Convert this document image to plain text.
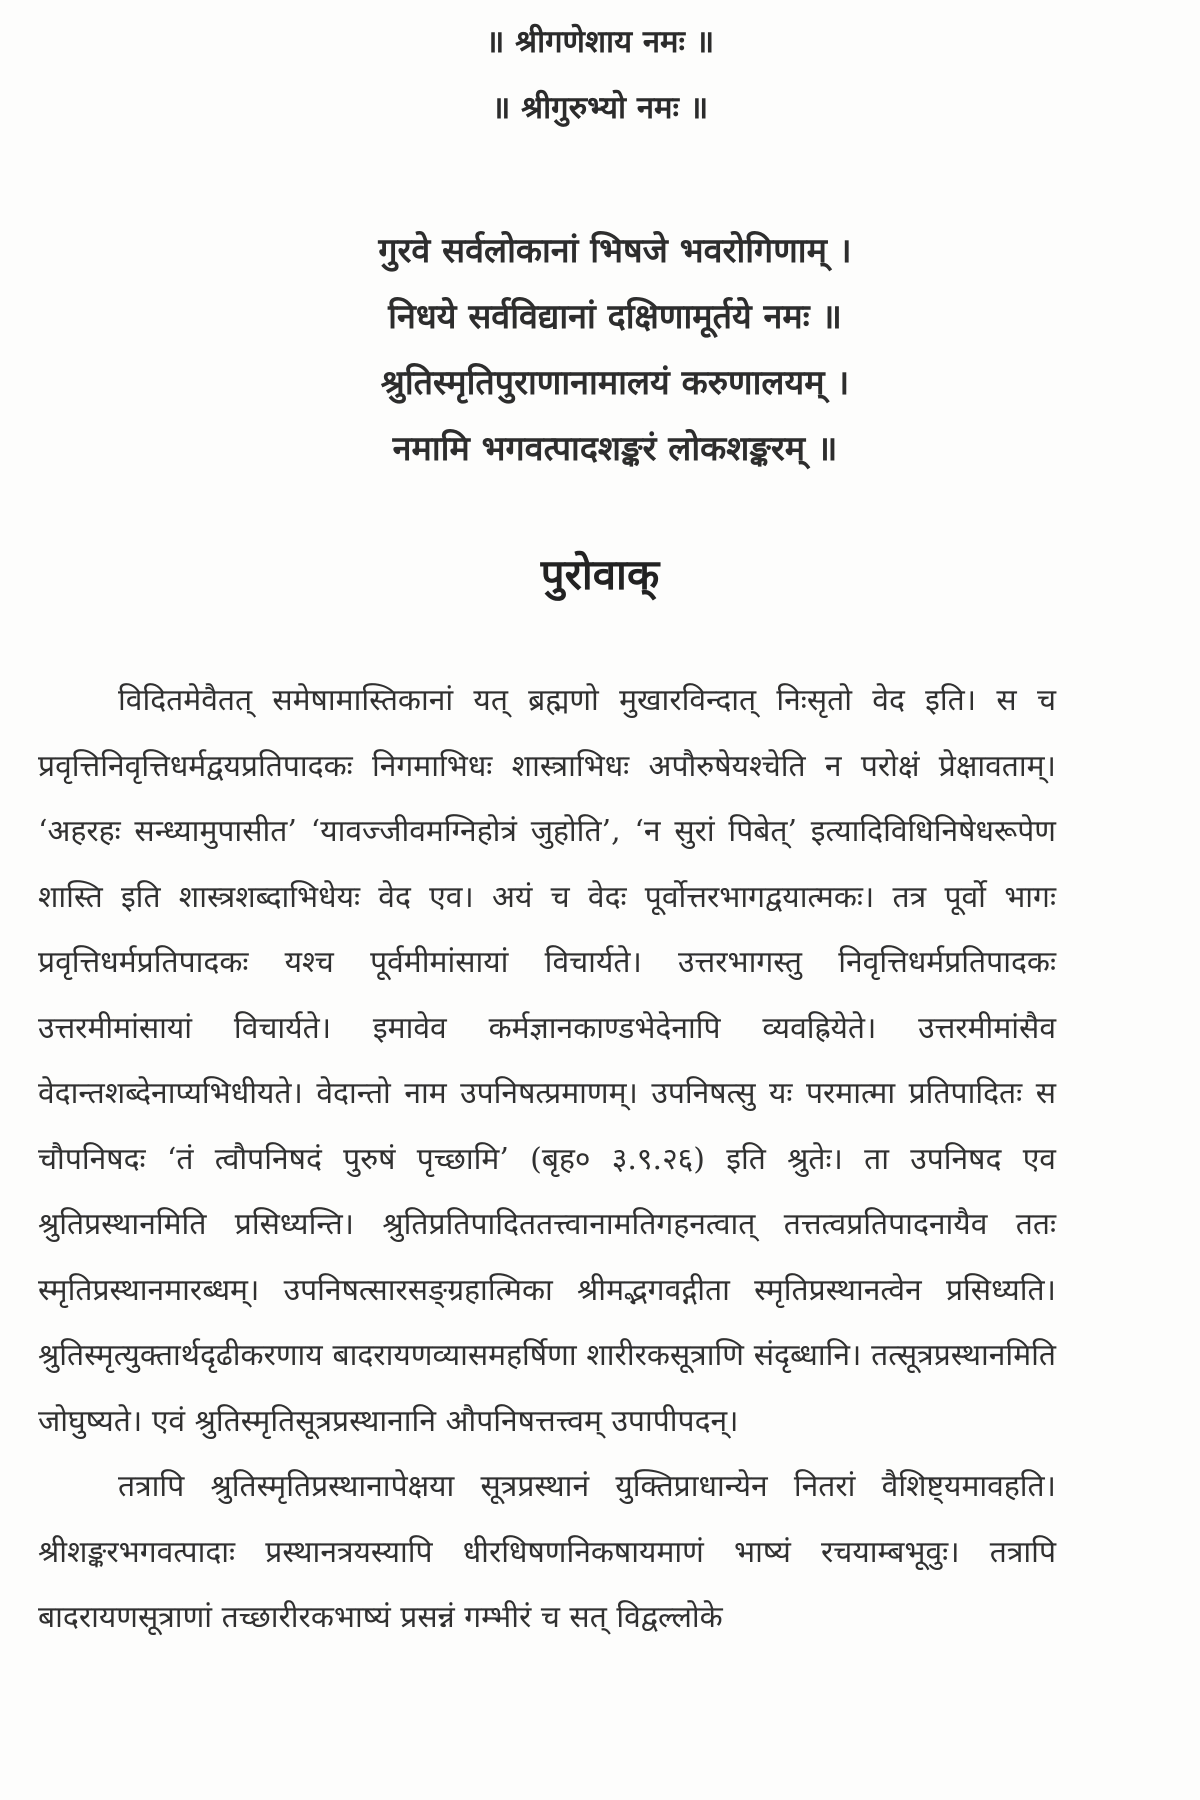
॥ श्रीगणेशाय नमः ॥
॥ श्रीगुरुभ्यो नमः ॥
गुरवे सर्वलोकानां भिषजे भवरोगिणाम् ।
निधये सर्वविद्यानां दक्षिणामूर्तये नमः ॥
श्रुतिस्मृतिपुराणानामालयं करुणालयम् ।
नमामि भगवत्पादशङ्करं लोकशङ्करम् ॥
पुरोवाक्

विदितमेवैतत् समेषामास्तिकानां यत् ब्रह्मणो मुखारविन्दात् निःसृतो वेद इति। स च प्रवृत्तिनिवृत्तिधर्मद्वयप्रतिपादकः निगमाभिधः शास्त्राभिधः अपौरुषेयश्चेति न परोक्षं प्रेक्षावताम्। ‘अहरहः सन्ध्यामुपासीत’ ‘यावज्जीवमग्निहोत्रं जुहोति’, ‘न सुरां पिबेत्’ इत्यादिविधिनिषेधरूपेण शास्ति इति शास्त्रशब्दाभिधेयः वेद एव। अयं च वेदः पूर्वोत्तरभागद्वयात्मकः। तत्र पूर्वो भागः प्रवृत्तिधर्मप्रतिपादकः यश्च पूर्वमीमांसायां विचार्यते। उत्तरभागस्तु निवृत्तिधर्मप्रतिपादकः उत्तरमीमांसायां विचार्यते। इमावेव कर्मज्ञानकाण्डभेदेनापि व्यवह्रियेते। उत्तरमीमांसैव वेदान्तशब्देनाप्यभिधीयते। वेदान्तो नाम उपनिषत्प्रमाणम्। उपनिषत्सु यः परमात्मा प्रतिपादितः स चौपनिषदः ‘तं त्वौपनिषदं पुरुषं पृच्छामि’ (बृह० ३.९.२६) इति श्रुतेः। ता उपनिषद एव श्रुतिप्रस्थानमिति प्रसिध्यन्ति। श्रुतिप्रतिपादिततत्त्वानामतिगहनत्वात् तत्तत्वप्रतिपादनायैव ततः स्मृतिप्रस्थानमारब्धम्। उपनिषत्सारसङ्ग्रहात्मिका श्रीमद्भगवद्गीता स्मृतिप्रस्थानत्वेन प्रसिध्यति। श्रुतिस्मृत्युक्तार्थदृढीकरणाय बादरायणव्यासमहर्षिणा शारीरकसूत्राणि संदृब्धानि। तत्सूत्रप्रस्थानमिति जोघुष्यते। एवं श्रुतिस्मृतिसूत्रप्रस्थानानि औपनिषत्तत्त्वम् उपापीपदन्।

तत्रापि श्रुतिस्मृतिप्रस्थानापेक्षया सूत्रप्रस्थानं युक्तिप्राधान्येन नितरां वैशिष्ट्यमावहति। श्रीशङ्करभगवत्पादाः प्रस्थानत्रयस्यापि धीरधिषणनिकषायमाणं भाष्यं रचयाम्बभूवुः। तत्रापि बादरायणसूत्राणां तच्छारीरकभाष्यं प्रसन्नं गम्भीरं च सत् विद्वल्लोके
